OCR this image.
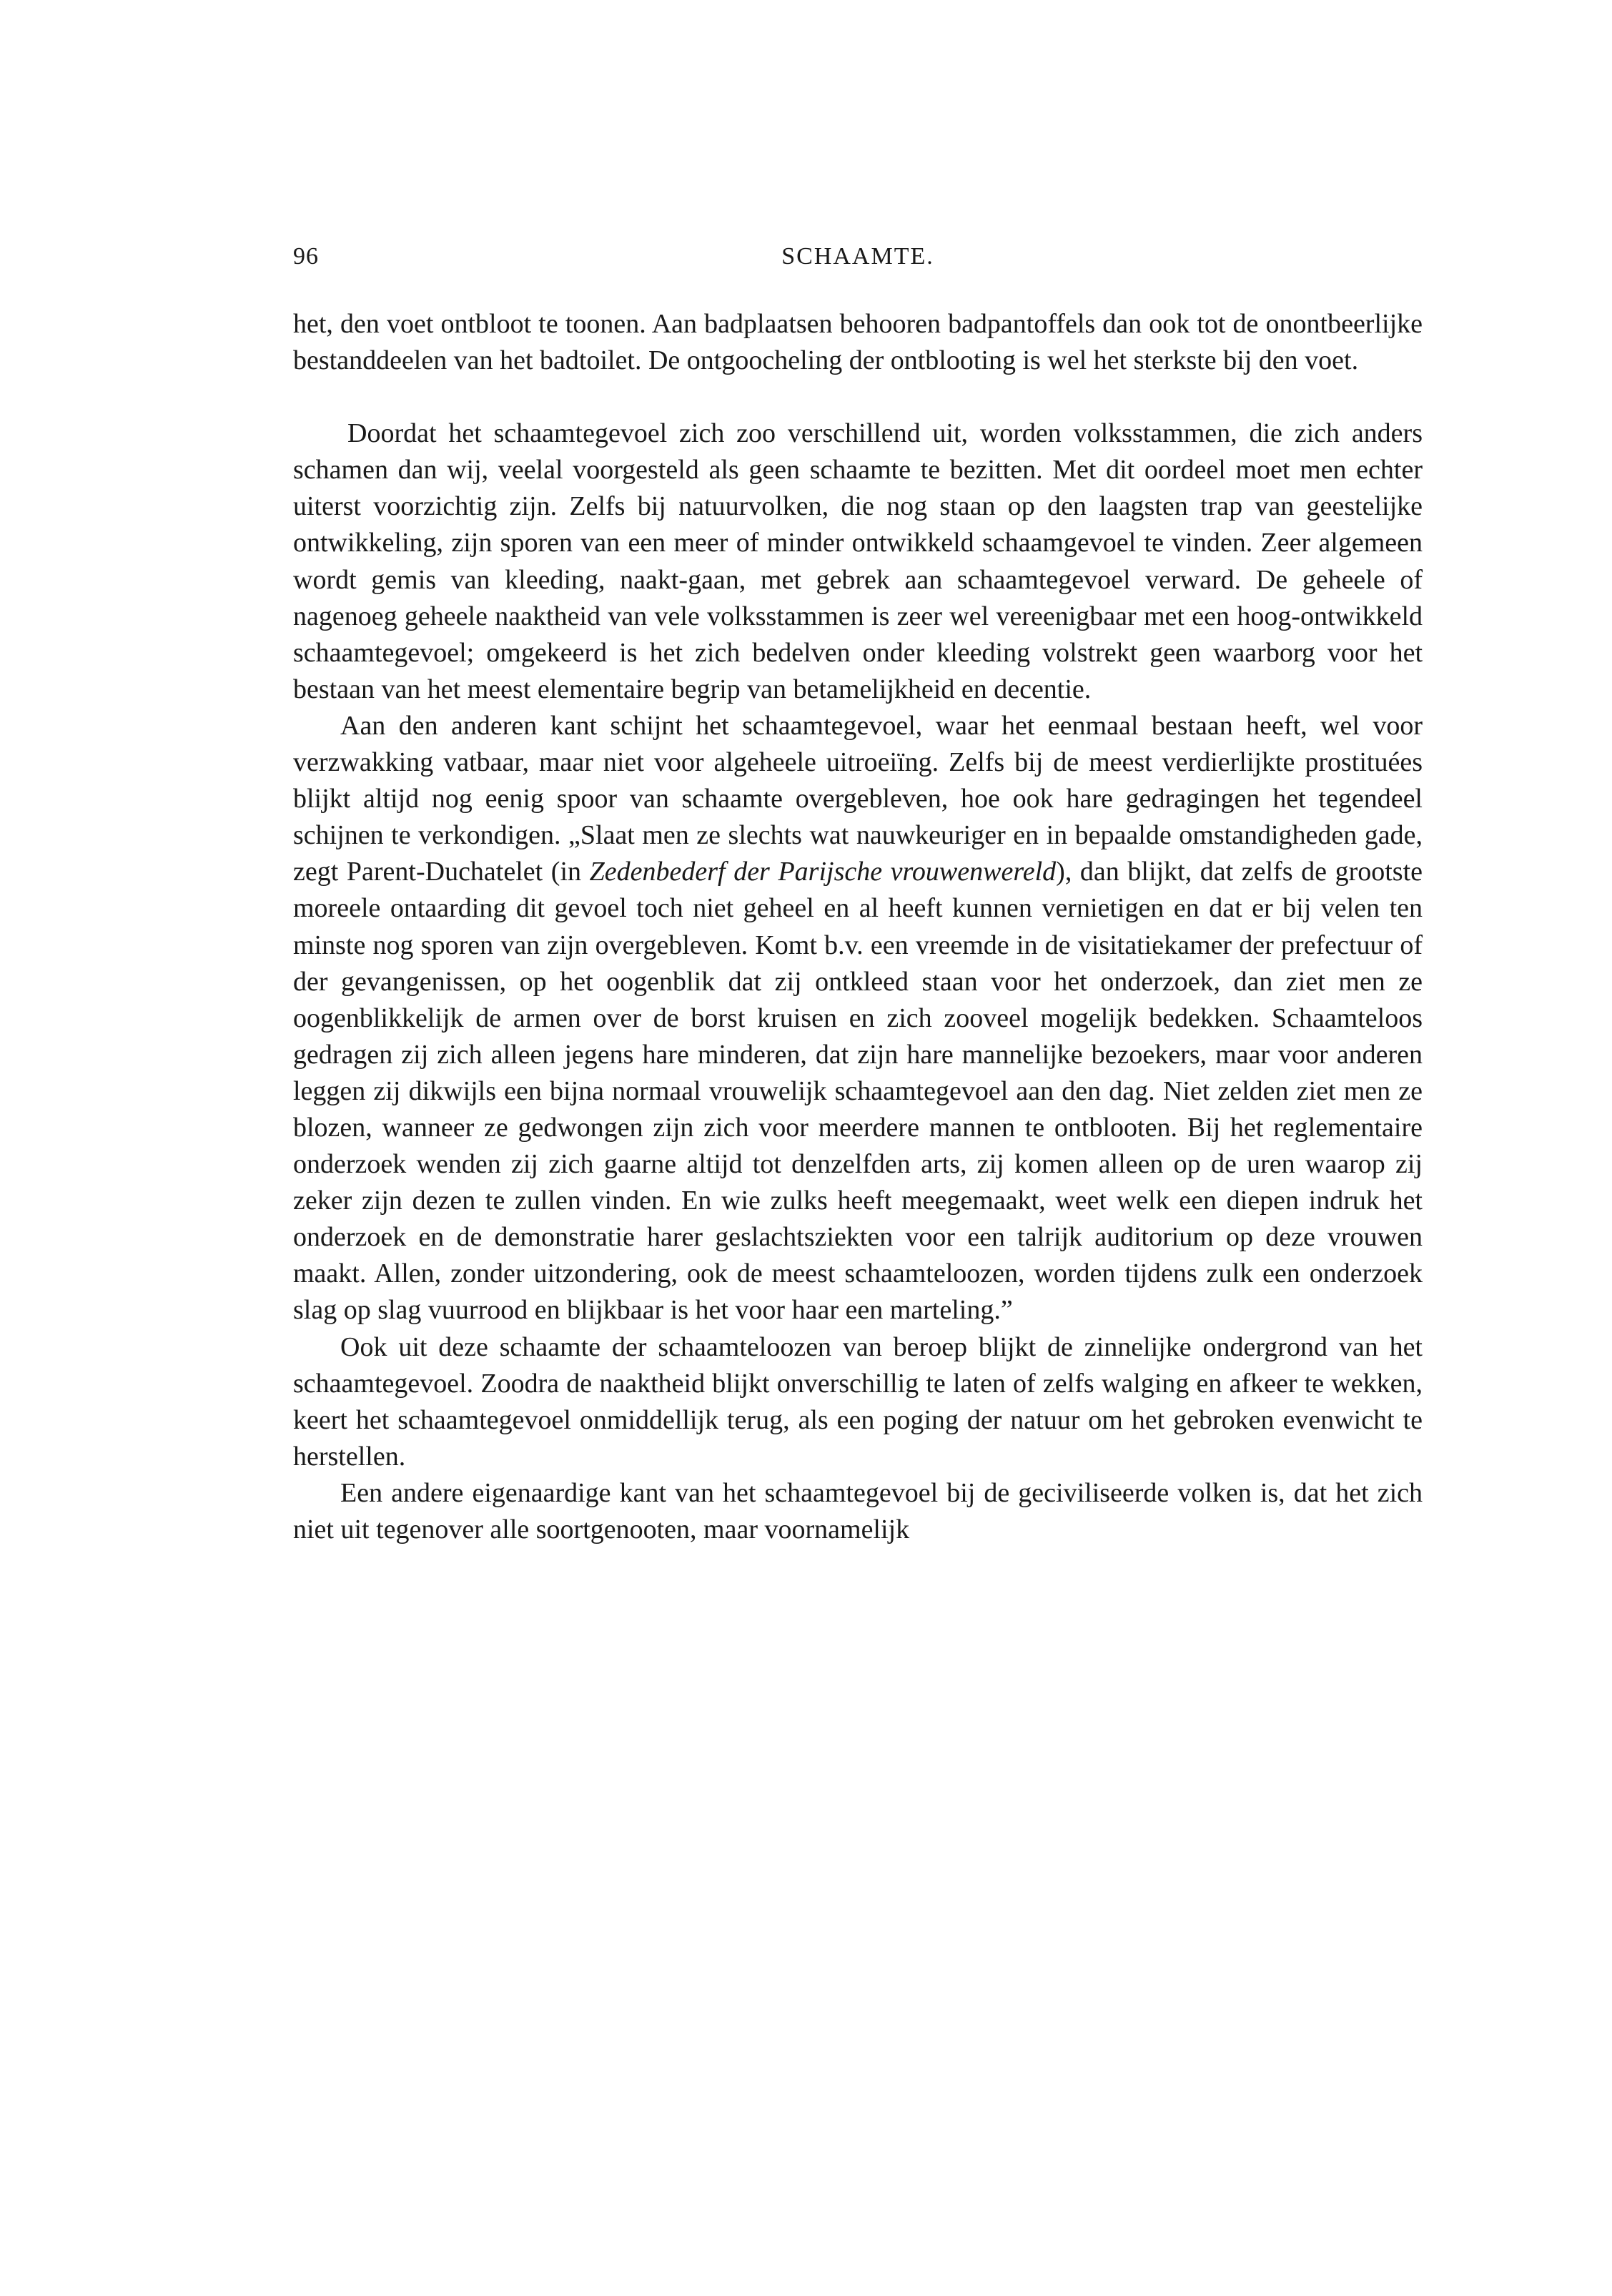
96	SCHAAMTE.

het, den voet ontbloot te toonen. Aan badplaatsen behooren badpantoffels dan ook tot de onontbeerlijke bestanddeelen van het badtoilet. De ontgoocheling der ontblooting is wel het sterkste bij den voet.

Doordat het schaamtegevoel zich zoo verschillend uit, worden volksstammen, die zich anders schamen dan wij, veelal voorgesteld als geen schaamte te bezitten. Met dit oordeel moet men echter uiterst voorzichtig zijn. Zelfs bij natuurvolken, die nog staan op den laagsten trap van geestelijke ontwikkeling, zijn sporen van een meer of minder ontwikkeld schaamgevoel te vinden. Zeer algemeen wordt gemis van kleeding, naakt-gaan, met gebrek aan schaamtegevoel verward. De geheele of nagenoeg geheele naaktheid van vele volksstammen is zeer wel vereenigbaar met een hoog-ontwikkeld schaamtegevoel; omgekeerd is het zich bedelven onder kleeding volstrekt geen waarborg voor het bestaan van het meest elementaire begrip van betamelijkheid en decentie.

Aan den anderen kant schijnt het schaamtegevoel, waar het eenmaal bestaan heeft, wel voor verzwakking vatbaar, maar niet voor algeheele uitroeiïng. Zelfs bij de meest verdierlijkte prostituées blijkt altijd nog eenig spoor van schaamte overgebleven, hoe ook hare gedragingen het tegendeel schijnen te verkondigen. „Slaat men ze slechts wat nauwkeuriger en in bepaalde omstandigheden gade, zegt Parent-Duchatelet (in Zedenbederf der Parijsche vrouwenwereld), dan blijkt, dat zelfs de grootste moreele ontaarding dit gevoel toch niet geheel en al heeft kunnen vernietigen en dat er bij velen ten minste nog sporen van zijn overgebleven. Komt b.v. een vreemde in de visitatiekamer der prefectuur of der gevangenissen, op het oogenblik dat zij ontkleed staan voor het onderzoek, dan ziet men ze oogenblikkelijk de armen over de borst kruisen en zich zooveel mogelijk bedekken. Schaamteloos gedragen zij zich alleen jegens hare minderen, dat zijn hare mannelijke bezoekers, maar voor anderen leggen zij dikwijls een bijna normaal vrouwelijk schaamtegevoel aan den dag. Niet zelden ziet men ze blozen, wanneer ze gedwongen zijn zich voor meerdere mannen te ontblooten. Bij het reglementaire onderzoek wenden zij zich gaarne altijd tot denzelfden arts, zij komen alleen op de uren waarop zij zeker zijn dezen te zullen vinden. En wie zulks heeft meegemaakt, weet welk een diepen indruk het onderzoek en de demonstratie harer geslachtsziekten voor een talrijk auditorium op deze vrouwen maakt. Allen, zonder uitzondering, ook de meest schaamteloozen, worden tijdens zulk een onderzoek slag op slag vuurrood en blijkbaar is het voor haar een marteling.”

Ook uit deze schaamte der schaamteloozen van beroep blijkt de zinnelijke ondergrond van het schaamtegevoel. Zoodra de naaktheid blijkt onverschillig te laten of zelfs walging en afkeer te wekken, keert het schaamtegevoel onmiddellijk terug, als een poging der natuur om het gebroken evenwicht te herstellen.

Een andere eigenaardige kant van het schaamtegevoel bij de geciviliseerde volken is, dat het zich niet uit tegenover alle soortgenooten, maar voornamelijk
